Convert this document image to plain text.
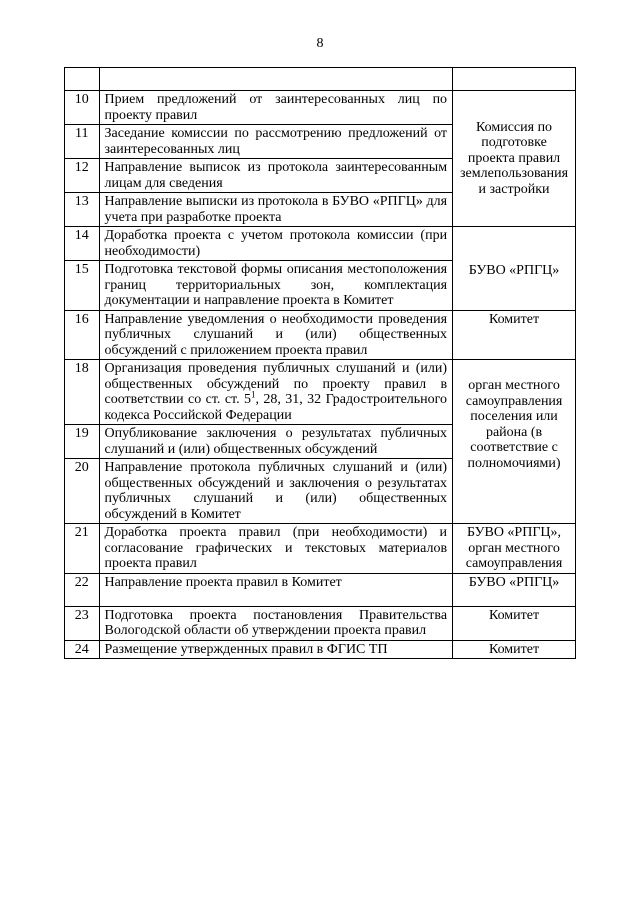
8

10	Прием предложений от заинтересованных лиц по проекту правил	Комиссия по подготовке проекта правил землепользования и застройки
11	Заседание комиссии по рассмотрению предложений от заинтересованных лиц	
12	Направление выписок из протокола заинтересованным лицам для сведения	
13	Направление выписки из протокола в БУВО «РПГЦ» для учета при разработке проекта	
14	Доработка проекта с учетом протокола комиссии (при необходимости)	БУВО «РПГЦ»
15	Подготовка текстовой формы описания местоположения границ территориальных зон, комплектация документации и направление проекта в Комитет	
16	Направление уведомления о необходимости проведения публичных слушаний и (или) общественных обсуждений с приложением проекта правил	Комитет
18	Организация проведения публичных слушаний и (или) общественных обсуждений по проекту правил в соответствии со ст. ст. $5^1$, 28, 31, 32 Градостроительного кодекса Российской Федерации	орган местного самоуправления поселения или района (в соответствие с полномочиями)
19	Опубликование заключения о результатах публичных слушаний и (или) общественных обсуждений	
20	Направление протокола публичных слушаний и (или) общественных обсуждений и заключения о результатах публичных слушаний и (или) общественных обсуждений в Комитет	
21	Доработка проекта правил (при необходимости) и согласование графических и текстовых материалов проекта правил	БУВО «РПГЦ», орган местного самоуправления
22	Направление проекта правил в Комитет	БУВО «РПГЦ»
23	Подготовка проекта постановления Правительства Вологодской области об утверждении проекта правил	Комитет
24	Размещение утвержденных правил в ФГИС ТП	Комитет
